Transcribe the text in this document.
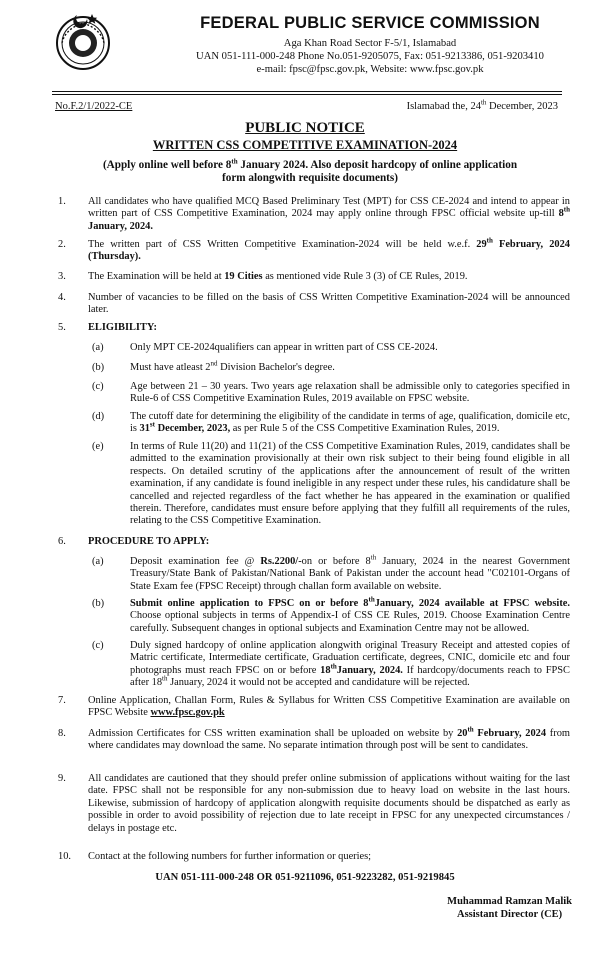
FEDERAL PUBLIC SERVICE COMMISSION
Aga Khan Road Sector F-5/1, Islamabad
UAN 051-111-000-248 Phone No.051-9205075, Fax: 051-9213386, 051-9203410
e-mail: fpsc@fpsc.gov.pk, Website: www.fpsc.gov.pk
No.F.2/1/2022-CE	Islamabad the, 24th December, 2023
PUBLIC NOTICE
WRITTEN CSS COMPETITIVE EXAMINATION-2024
(Apply online well before 8th January 2024. Also deposit hardcopy of online application form alongwith requisite documents)
1. All candidates who have qualified MCQ Based Preliminary Test (MPT) for CSS CE-2024 and intend to appear in written part of CSS Competitive Examination, 2024 may apply online through FPSC official website up-till 8th January, 2024.
2. The written part of CSS Written Competitive Examination-2024 will be held w.e.f. 29th February, 2024 (Thursday).
3. The Examination will be held at 19 Cities as mentioned vide Rule 3 (3) of CE Rules, 2019.
4. Number of vacancies to be filled on the basis of CSS Written Competitive Examination-2024 will be announced later.
5. ELIGIBILITY:
(a)	Only MPT CE-2024qualifiers can appear in written part of CSS CE-2024.
(b) Must have atleast 2nd Division Bachelor's degree.
(c)	Age between 21 – 30 years. Two years age relaxation shall be admissible only to categories specified in Rule-6 of CSS Competitive Examination Rules, 2019 available on FPSC website.
(d) The cutoff date for determining the eligibility of the candidate in terms of age, qualification, domicile etc, is 31st December, 2023, as per Rule 5 of the CSS Competitive Examination Rules, 2019.
(e)	In terms of Rule 11(20) and 11(21) of the CSS Competitive Examination Rules, 2019, candidates shall be admitted to the examination provisionally at their own risk subject to their being found eligible in all respects. On detailed scrutiny of the applications after the announcement of result of the written examination, if any candidate is found ineligible in any respect under these rules, his candidature shall be cancelled and rejected regardless of the fact whether he has appeared in the examination or qualified therein. Therefore, candidates must ensure before applying that they fulfill all requirements of the rules, relating to the CSS Competitive Examination.
6. PROCEDURE TO APPLY:
(a)	Deposit examination fee @ Rs.2200/-on or before 8th January, 2024 in the nearest Government Treasury/State Bank of Pakistan/National Bank of Pakistan under the account head "C02101-Organs of State Exam fee (FPSC Receipt) through challan form available on website.
(b) Submit online application to FPSC on or before 8thJanuary, 2024 available at FPSC website. Choose optional subjects in terms of Appendix-I of CSS CE Rules, 2019. Choose Examination Centre carefully. Subsequent changes in optional subjects and Examination Centre may not be allowed.
(c)	Duly signed hardcopy of online application alongwith original Treasury Receipt and attested copies of Matric certificate, Intermediate certificate, Graduation certificate, degrees, CNIC, domicile etc and four photographs must reach FPSC on or before 18thJanuary, 2024. If hardcopy/documents reach to FPSC after 18th January, 2024 it would not be accepted and candidature will be rejected.
7. Online Application, Challan Form, Rules & Syllabus for Written CSS Competitive Examination are available on FPSC Website www.fpsc.gov.pk
8. Admission Certificates for CSS written examination shall be uploaded on website by 20th February, 2024 from where candidates may download the same. No separate intimation through post will be sent to candidates.
9. All candidates are cautioned that they should prefer online submission of applications without waiting for the last date. FPSC shall not be responsible for any non-submission due to heavy load on website in the last hours. Likewise, submission of hardcopy of application alongwith requisite documents should be dispatched as early as possible in order to avoid possibility of rejection due to late receipt in FPSC for any unexpected circumstances / delays in postage etc.
10. Contact at the following numbers for further information or queries;
UAN 051-111-000-248 OR 051-9211096, 051-9223282, 051-9219845
Muhammad Ramzan Malik
Assistant Director (CE)
